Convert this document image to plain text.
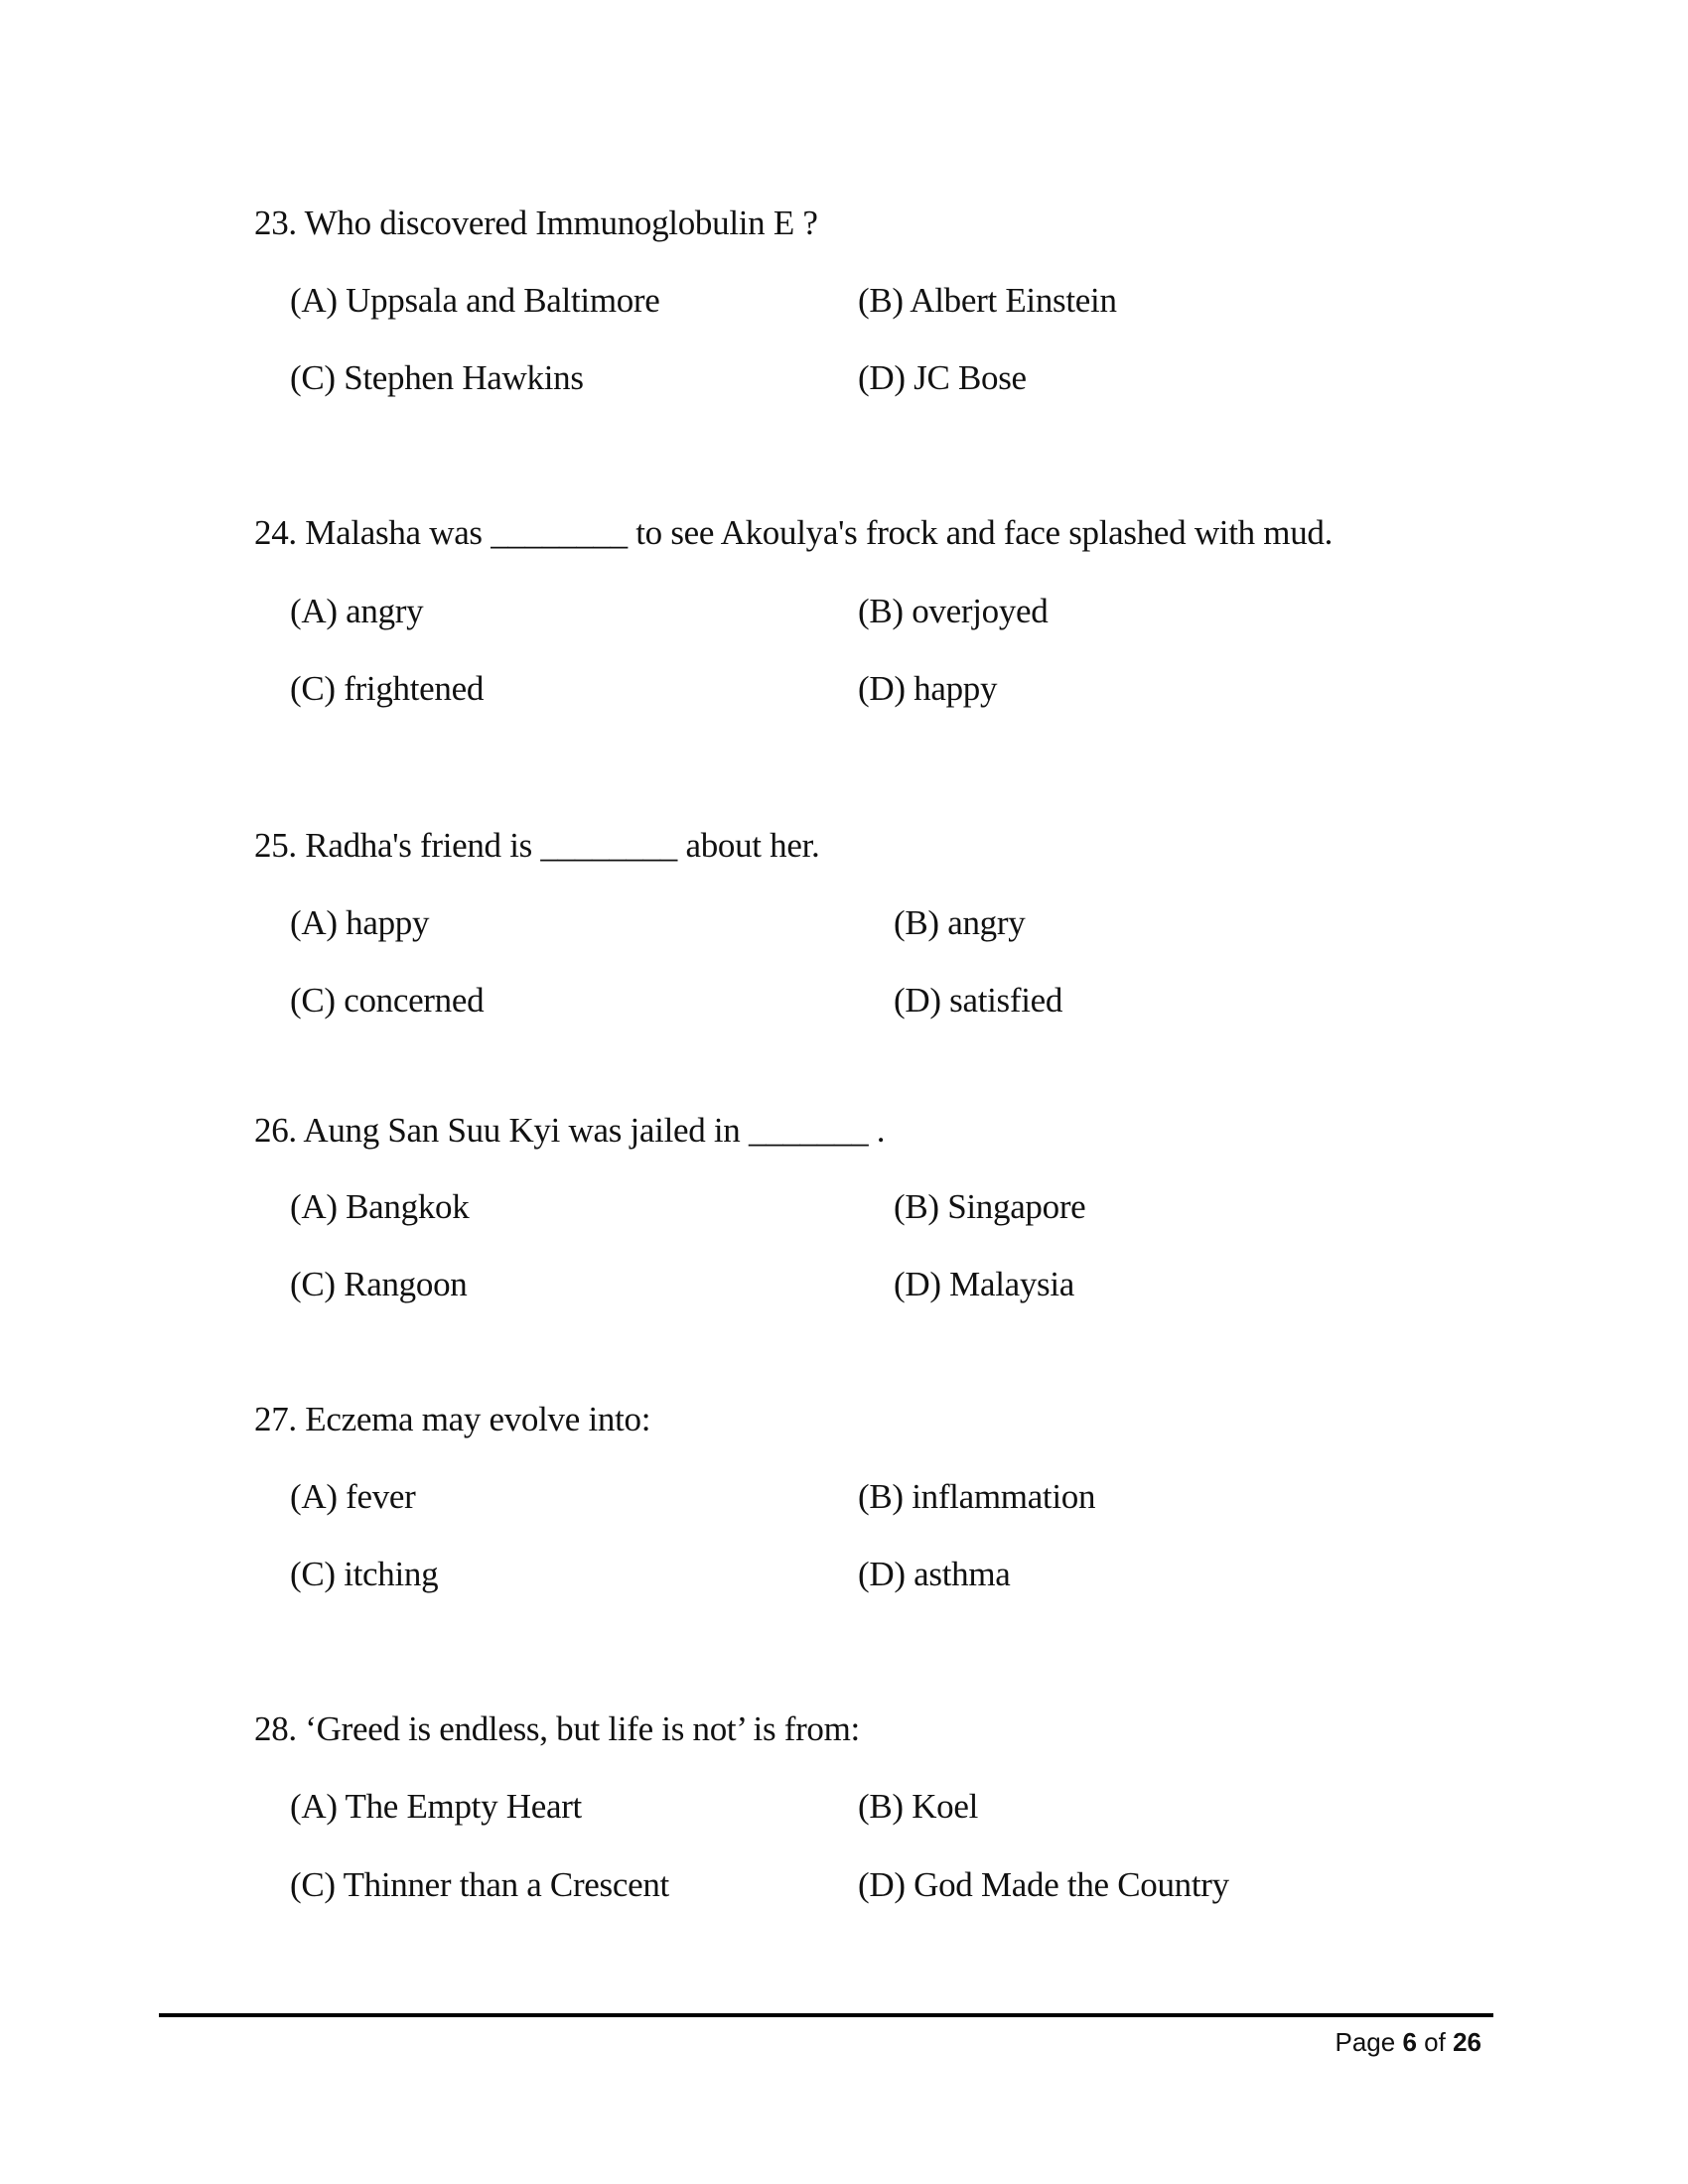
23. Who discovered Immunoglobulin E ?
(A) Uppsala and Baltimore	(B) Albert Einstein
(C) Stephen Hawkins	(D) JC Bose
24. Malasha was ________ to see Akoulya's frock and face splashed with mud.
(A) angry	(B) overjoyed
(C) frightened	(D) happy
25. Radha's friend is ________ about her.
(A) happy	(B) angry
(C) concerned	(D) satisfied
26. Aung San Suu Kyi was jailed in _______ .
(A) Bangkok	(B) Singapore
(C) Rangoon	(D) Malaysia
27. Eczema may evolve into:
(A) fever	(B) inflammation
(C) itching	(D) asthma
28. ‘Greed is endless, but life is not’ is from:
(A) The Empty Heart	(B) Koel
(C) Thinner than a Crescent	(D) God Made the Country
Page 6 of 26
